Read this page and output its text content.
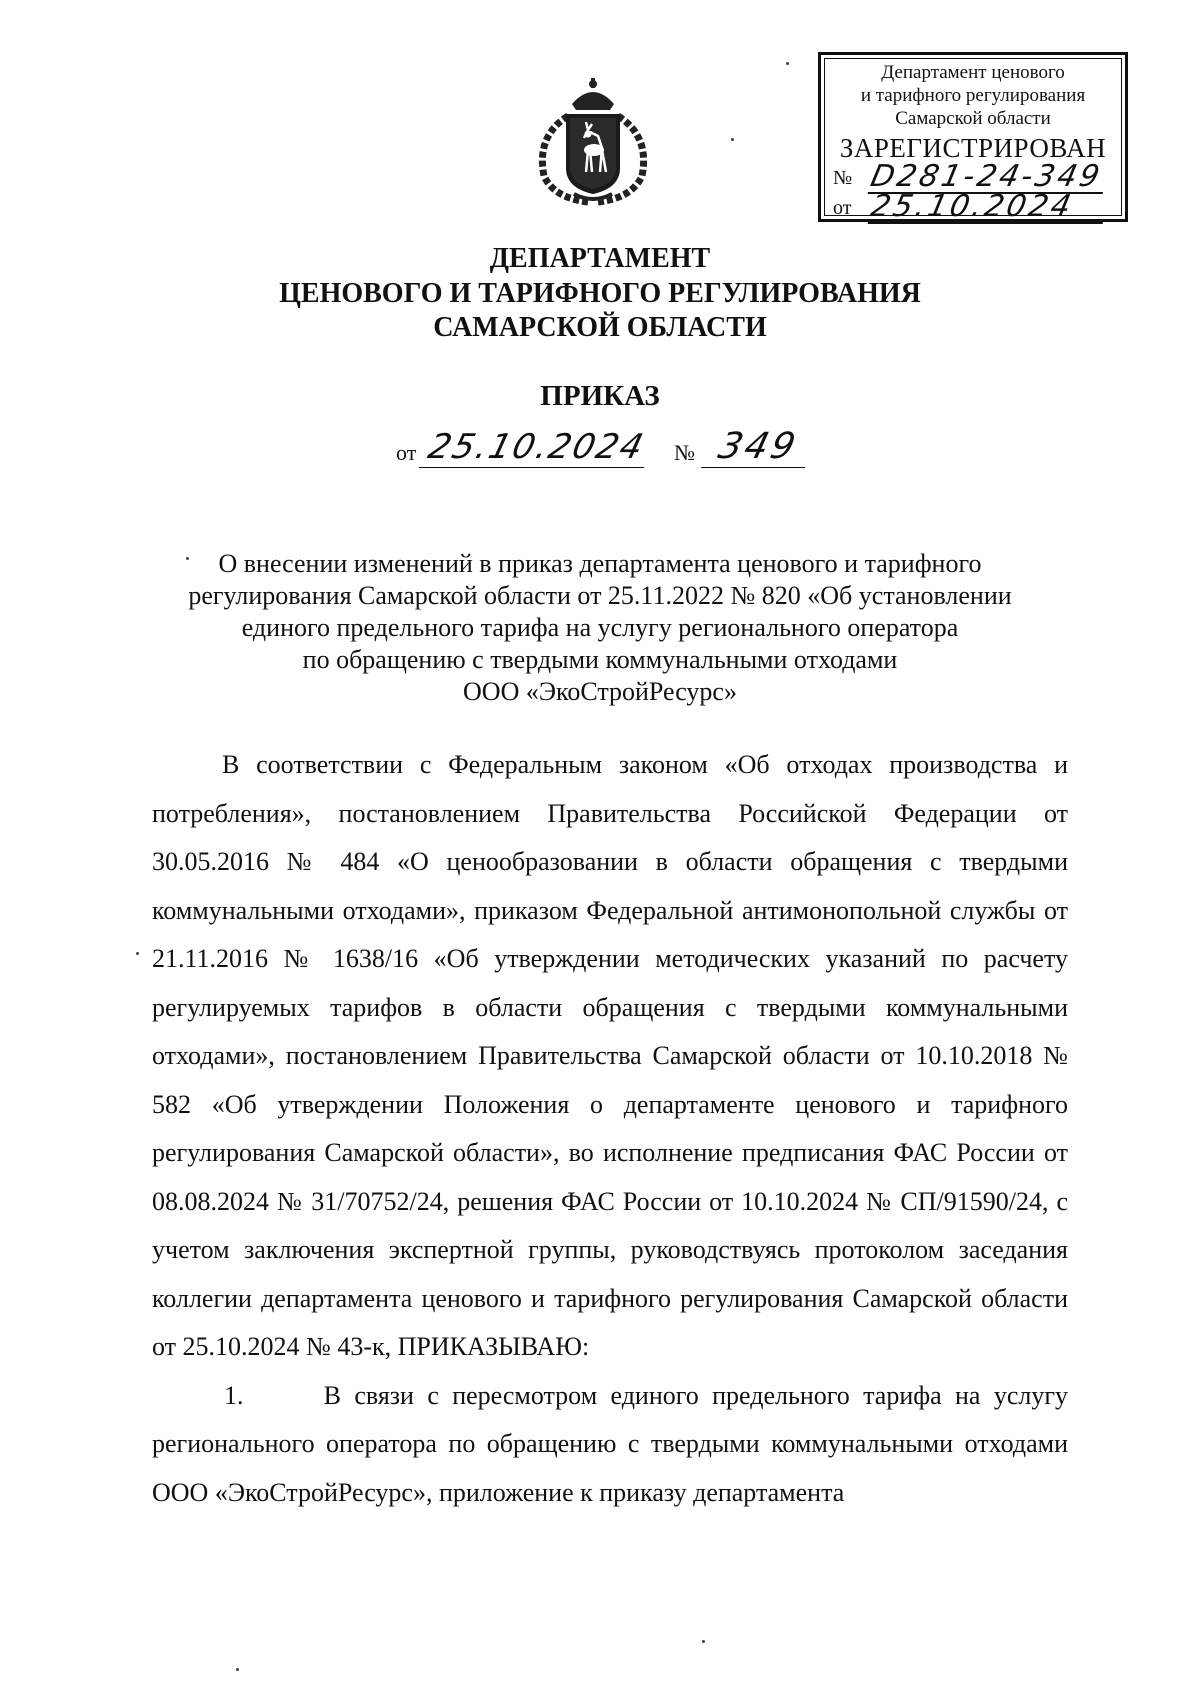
Департамент ценового
и тарифного регулирования
Самарской области
ЗАРЕГИСТРИРОВАН
№ D281-24-349
от 25.10.2024
ДЕПАРТАМЕНТ
ЦЕНОВОГО И ТАРИФНОГО РЕГУЛИРОВАНИЯ
САМАРСКОЙ ОБЛАСТИ
ПРИКАЗ
от 25.10.2024 № 349
О внесении изменений в приказ департамента ценового и тарифного
регулирования Самарской области от 25.11.2022 № 820 «Об установлении
единого предельного тарифа на услугу регионального оператора
по обращению с твердыми коммунальными отходами
ООО «ЭкоСтройРесурс»

В соответствии с Федеральным законом «Об отходах производства и потребления», постановлением Правительства Российской Федерации от 30.05.2016 № 484 «О ценообразовании в области обращения с твердыми коммунальными отходами», приказом Федеральной антимонопольной службы от 21.11.2016 № 1638/16 «Об утверждении методических указаний по расчету регулируемых тарифов в области обращения с твердыми коммунальными отходами», постановлением Правительства Самарской области от 10.10.2018 № 582 «Об утверждении Положения о департаменте ценового и тарифного регулирования Самарской области», во исполнение предписания ФАС России от 08.08.2024 № 31/70752/24, решения ФАС России от 10.10.2024 № СП/91590/24, с учетом заключения экспертной группы, руководствуясь протоколом заседания коллегии департамента ценового и тарифного регулирования Самарской области от 25.10.2024 № 43-к, ПРИКАЗЫВАЮ:

1.      В связи с пересмотром единого предельного тарифа на услугу регионального оператора по обращению с твердыми коммунальными отходами ООО «ЭкоСтройРесурс», приложение к приказу департамента
